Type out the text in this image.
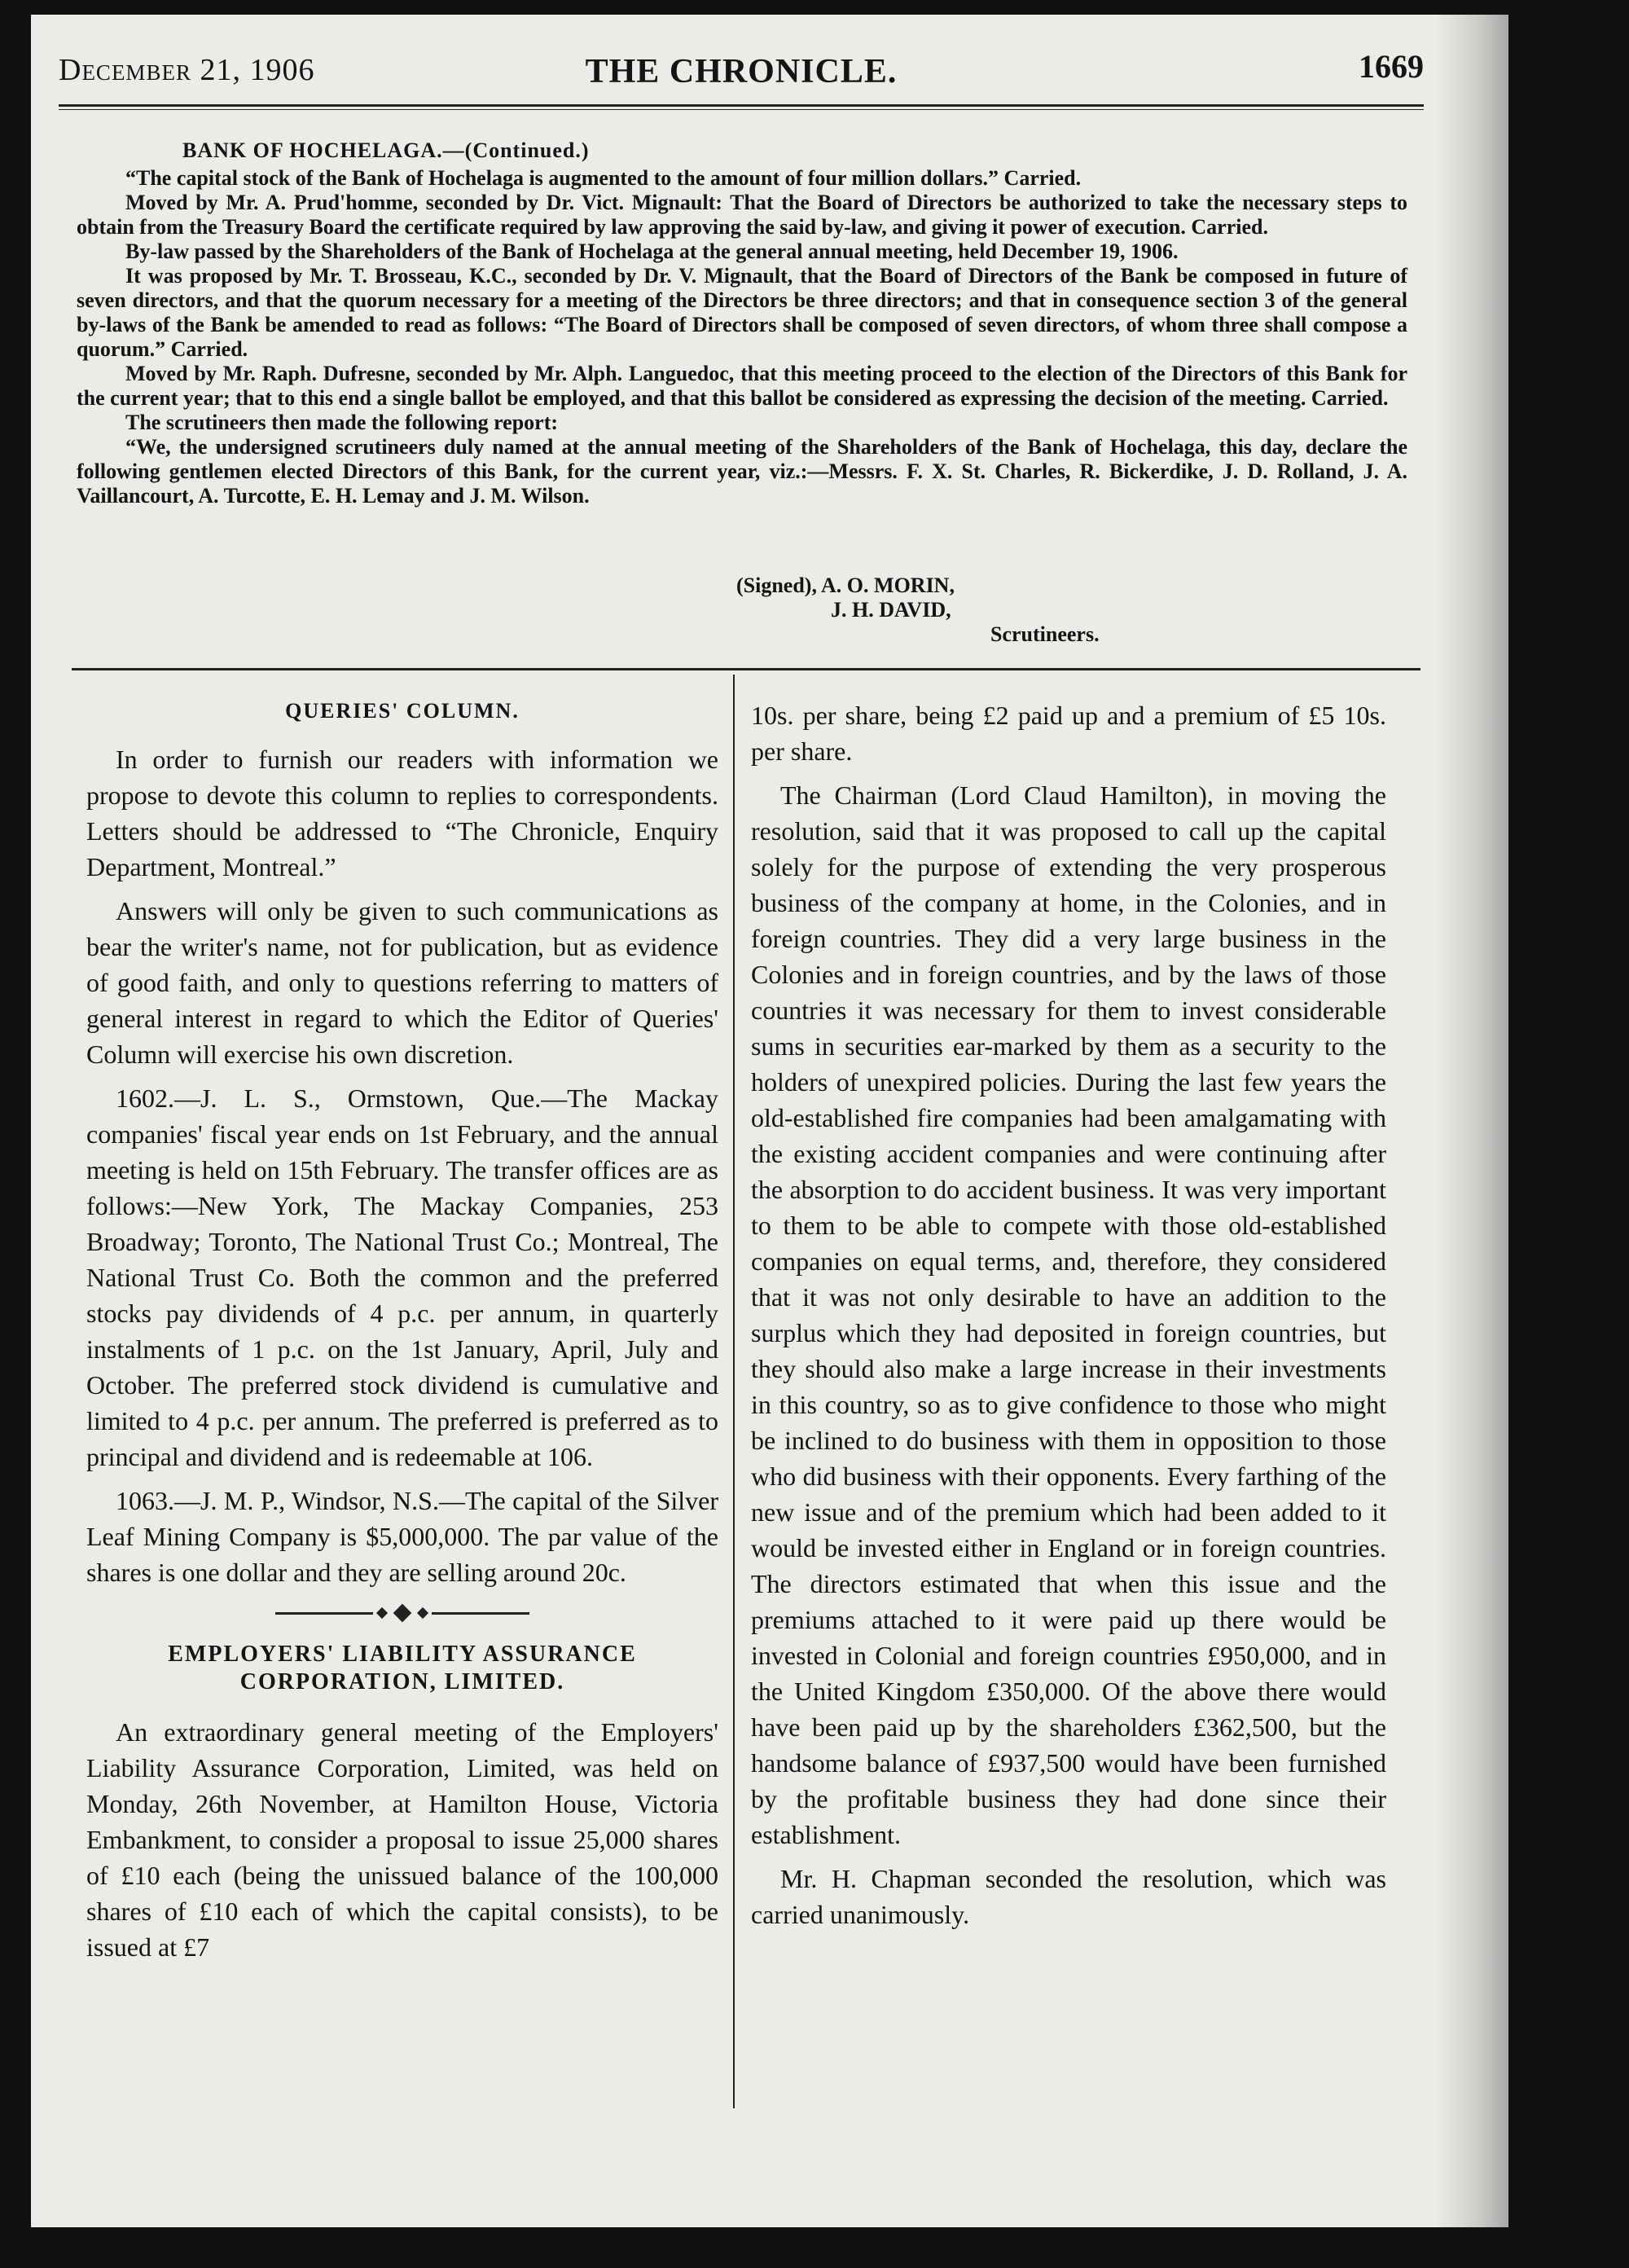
December 21, 1906	THE CHRONICLE.	1669

BANK OF HOCHELAGA.—(Continued.)

“The capital stock of the Bank of Hochelaga is augmented to the amount of four million dollars.” Carried.

Moved by Mr. A. Prud'homme, seconded by Dr. Vict. Mignault: That the Board of Directors be authorized to take the necessary steps to obtain from the Treasury Board the certificate required by law approving the said by-law, and giving it power of execution. Carried.

By-law passed by the Shareholders of the Bank of Hochelaga at the general annual meeting, held December 19, 1906.

It was proposed by Mr. T. Brosseau, K.C., seconded by Dr. V. Mignault, that the Board of Directors of the Bank be composed in future of seven directors, and that the quorum necessary for a meeting of the Directors be three directors; and that in consequence section 3 of the general by-laws of the Bank be amended to read as follows: “The Board of Directors shall be composed of seven directors, of whom three shall compose a quorum.” Carried.

Moved by Mr. Raph. Dufresne, seconded by Mr. Alph. Languedoc, that this meeting proceed to the election of the Directors of this Bank for the current year; that to this end a single ballot be employed, and that this ballot be considered as expressing the decision of the meeting. Carried.

The scrutineers then made the following report:

“We, the undersigned scrutineers duly named at the annual meeting of the Shareholders of the Bank of Hochelaga, this day, declare the following gentlemen elected Directors of this Bank, for the current year, viz.:—Messrs. F. X. St. Charles, R. Bickerdike, J. D. Rolland, J. A. Vaillancourt, A. Turcotte, E. H. Lemay and J. M. Wilson.

(Signed), A. O. MORIN,
J. H. DAVID,
Scrutineers.
QUERIES' COLUMN.

In order to furnish our readers with information we propose to devote this column to replies to correspondents. Letters should be addressed to “The Chronicle, Enquiry Department, Montreal.”

Answers will only be given to such communications as bear the writer's name, not for publication, but as evidence of good faith, and only to questions referring to matters of general interest in regard to which the Editor of Queries' Column will exercise his own discretion.

1602.—J. L. S., Ormstown, Que.—The Mackay companies' fiscal year ends on 1st February, and the annual meeting is held on 15th February. The transfer offices are as follows:—New York, The Mackay Companies, 253 Broadway; Toronto, The National Trust Co.; Montreal, The National Trust Co. Both the common and the preferred stocks pay dividends of 4 p.c. per annum, in quarterly instalments of 1 p.c. on the 1st January, April, July and October. The preferred stock dividend is cumulative and limited to 4 p.c. per annum. The preferred is preferred as to principal and dividend and is redeemable at 106.

1063.—J. M. P., Windsor, N.S.—The capital of the Silver Leaf Mining Company is $5,000,000. The par value of the shares is one dollar and they are selling around 20c.

EMPLOYERS' LIABILITY ASSURANCE
CORPORATION, LIMITED.

An extraordinary general meeting of the Employers' Liability Assurance Corporation, Limited, was held on Monday, 26th November, at Hamilton House, Victoria Embankment, to consider a proposal to issue 25,000 shares of £10 each (being the unissued balance of the 100,000 shares of £10 each of which the capital consists), to be issued at £7

10s. per share, being £2 paid up and a premium of £5 10s. per share.

The Chairman (Lord Claud Hamilton), in moving the resolution, said that it was proposed to call up the capital solely for the purpose of extending the very prosperous business of the company at home, in the Colonies, and in foreign countries. They did a very large business in the Colonies and in foreign countries, and by the laws of those countries it was necessary for them to invest considerable sums in securities ear-marked by them as a security to the holders of unexpired policies. During the last few years the old-established fire companies had been amalgamating with the existing accident companies and were continuing after the absorption to do accident business. It was very important to them to be able to compete with those old-established companies on equal terms, and, therefore, they considered that it was not only desirable to have an addition to the surplus which they had deposited in foreign countries, but they should also make a large increase in their investments in this country, so as to give confidence to those who might be inclined to do business with them in opposition to those who did business with their opponents. Every farthing of the new issue and of the premium which had been added to it would be invested either in England or in foreign countries. The directors estimated that when this issue and the premiums attached to it were paid up there would be invested in Colonial and foreign countries £950,000, and in the United Kingdom £350,000. Of the above there would have been paid up by the shareholders £362,500, but the handsome balance of £937,500 would have been furnished by the profitable business they had done since their establishment.

Mr. H. Chapman seconded the resolution, which was carried unanimously.
